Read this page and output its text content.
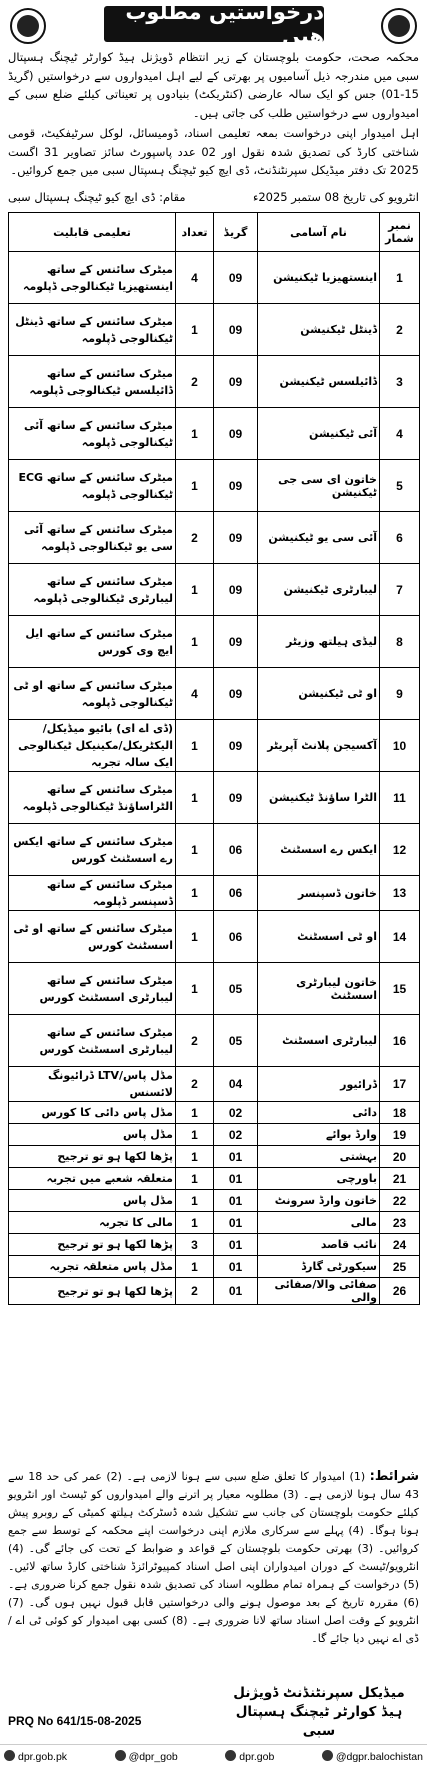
درخواستیں مطلوب ھیں

محکمہ صحت، حکومت بلوچستان کے زیر انتظام ڈویژنل ہیڈ کوارٹر ٹیچنگ ہسپتال سبی میں مندرجہ ذیل آسامیوں پر بھرتی کے لیے اہل امیدواروں سے درخواستیں (گریڈ 15-01) جس کو ایک سالہ عارضی (کنٹریکٹ) بنیادوں پر تعیناتی کیلئے ضلع سبی کے امیدواروں سے درخواستیں طلب کی جاتی ہیں۔

اہل امیدوار اپنی درخواست بمعہ تعلیمی اسناد، ڈومیسائل، لوکل سرٹیفکیٹ، قومی شناختی کارڈ کی تصدیق شدہ نقول اور 02 عدد پاسپورٹ سائز تصاویر 31 اگست 2025 تک دفتر میڈیکل سپرنٹنڈنٹ، ڈی ایچ کیو ٹیچنگ ہسپتال سبی میں جمع کروائیں۔

انٹرویو کی تاریخ 08 ستمبر 2025ء
مقام: ڈی ایچ کیو ٹیچنگ ہسپتال سبی
نمبر شمار	نام آسامی	گریڈ	تعداد	تعلیمی قابلیت
1	اینستھیزیا ٹیکنیشن	09	4	میٹرک سائنس کے ساتھ اینستھیزیا ٹیکنالوجی ڈپلومہ
2	ڈینٹل ٹیکنیشن	09	1	میٹرک سائنس کے ساتھ ڈینٹل ٹیکنالوجی ڈپلومہ
3	ڈائیلسس ٹیکنیشن	09	2	میٹرک سائنس کے ساتھ ڈائیلسس ٹیکنالوجی ڈپلومہ
4	آئی ٹیکنیشن	09	1	میٹرک سائنس کے ساتھ آئی ٹیکنالوجی ڈپلومہ
5	خاتون ای سی جی ٹیکنیشن	09	1	میٹرک سائنس کے ساتھ ECG ٹیکنالوجی ڈپلومہ
6	آئی سی یو ٹیکنیشن	09	2	میٹرک سائنس کے ساتھ آئی سی یو ٹیکنالوجی ڈپلومہ
7	لیبارٹری ٹیکنیشن	09	1	میٹرک سائنس کے ساتھ لیبارٹری ٹیکنالوجی ڈپلومہ
8	لیڈی ہیلتھ وزیٹر	09	1	میٹرک سائنس کے ساتھ ایل ایچ وی کورس
9	او ٹی ٹیکنیشن	09	4	میٹرک سائنس کے ساتھ او ٹی ٹیکنالوجی ڈپلومہ
10	آکسیجن پلانٹ آپریٹر	09	1	(ڈی اے ای) بائیو میڈیکل/الیکٹریکل/مکینیکل ٹیکنالوجی ایک سالہ تجربہ
11	الٹرا ساؤنڈ ٹیکنیشن	09	1	میٹرک سائنس کے ساتھ الٹراساؤنڈ ٹیکنالوجی ڈپلومہ
12	ایکس رے اسسٹنٹ	06	1	میٹرک سائنس کے ساتھ ایکس رے اسسٹنٹ کورس
13	خاتون ڈسپنسر	06	1	میٹرک سائنس کے ساتھ ڈسپنسر ڈپلومہ
14	او ٹی اسسٹنٹ	06	1	میٹرک سائنس کے ساتھ او ٹی اسسٹنٹ کورس
15	خاتون لیبارٹری اسسٹنٹ	05	1	میٹرک سائنس کے ساتھ لیبارٹری اسسٹنٹ کورس
16	لیبارٹری اسسٹنٹ	05	2	میٹرک سائنس کے ساتھ لیبارٹری اسسٹنٹ کورس
17	ڈرائیور	04	2	مڈل پاس/LTV ڈرائیونگ لائسنس
18	دائی	02	1	مڈل پاس دائی کا کورس
19	وارڈ بوائے	02	1	مڈل پاس
20	بہشتی	01	1	پڑھا لکھا ہو تو ترجیح
21	باورچی	01	1	متعلقہ شعبے میں تجربہ
22	خاتون وارڈ سرونٹ	01	1	مڈل پاس
23	مالی	01	1	مالی کا تجربہ
24	نائب قاصد	01	3	پڑھا لکھا ہو تو ترجیح
25	سیکورٹی گارڈ	01	1	مڈل پاس متعلقہ تجربہ
26	صفائی والا/صفائی والی	01	2	پڑھا لکھا ہو تو ترجیح
شرائط: (1) امیدوار کا تعلق ضلع سبی سے ہونا لازمی ہے۔ (2) عمر کی حد 18 سے 43 سال ہونا لازمی ہے۔ (3) مطلوبہ معیار پر اترنے والے امیدواروں کو ٹیسٹ اور انٹرویو کیلئے حکومت بلوچستان کی جانب سے تشکیل شدہ ڈسٹرکٹ ہیلتھ کمیٹی کے روبرو پیش ہونا ہوگا۔ (4) پہلے سے سرکاری ملازم اپنی درخواست اپنے محکمہ کے توسط سے جمع کروائیں۔ (3) بھرتی حکومت بلوچستان کے قواعد و ضوابط کے تحت کی جائے گی۔ (4) انٹرویو/ٹیسٹ کے دوران امیدواران اپنی اصل اسناد کمپیوٹرائزڈ شناختی کارڈ ساتھ لائیں۔ (5) درخواست کے ہمراہ تمام مطلوبہ اسناد کی تصدیق شدہ نقول جمع کرنا ضروری ہے۔ (6) مقررہ تاریخ کے بعد موصول ہونے والی درخواستیں قابل قبول نہیں ہوں گی۔ (7) انٹرویو کے وقت اصل اسناد ساتھ لانا ضروری ہے۔ (8) کسی بھی امیدوار کو کوئی ٹی اے / ڈی اے نہیں دیا جائے گا۔
میڈیکل سپرنٹنڈنٹ ڈویژنل
ہیڈ کوارٹر ٹیچنگ ہسپتال سبی
PRQ No 641/15-08-2025
dpr.gob.pk	@dpr_gob	dpr.gob	@dgpr.balochistan
